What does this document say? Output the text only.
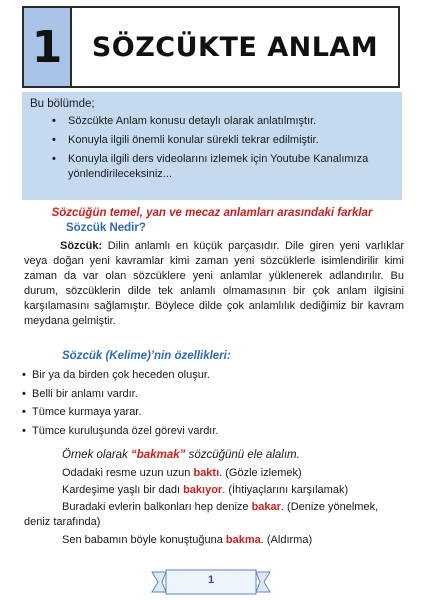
1 SÖZCÜKTE ANLAM
Bu bölümde;
• Sözcükte Anlam konusu detaylı olarak anlatılmıştır.
• Konuyla ilgili önemli konular sürekli tekrar edilmiştir.
• Konuyla ilgili ders videolarını izlemek için Youtube Kanalımıza yönlendirileceksiniz...
Sözcüğün temel, yan ve mecaz anlamları arasındaki farklar
Sözcük Nedir?

Sözcük: Dilin anlamlı en küçük parçasıdır. Dile giren yeni varlıklar veya doğan yeni kavramlar kimi zaman yeni sözcüklerle isimlendirilir kimi zaman da var olan sözcüklere yeni anlamlar yüklenerek adlandırılır. Bu durum, sözcüklerin dilde tek anlamlı olmamasının bir çok anlam ilgisini karşılamasını sağlamıştır. Böylece dilde çok anlamlılık dediğimiz bir kavram meydana gelmiştir.

Sözcük (Kelime)’nin özellikleri:
• Bir ya da birden çok heceden oluşur.
• Belli bir anlamı vardır.
• Tümce kurmaya yarar.
• Tümce kuruluşunda özel görevi vardır.
Örnek olarak “bakmak” sözcüğünü ele alalım.
Odadaki resme uzun uzun baktı. (Gözle izlemek)
Kardeşime yaşlı bir dadı bakıyor. (İhtiyaçlarını karşılamak)
Buradaki evlerin balkonları hep denize bakar. (Denize yönelmek,
deniz tarafında)
Sen babamın böyle konuştuğuna bakma. (Aldırma)
1
